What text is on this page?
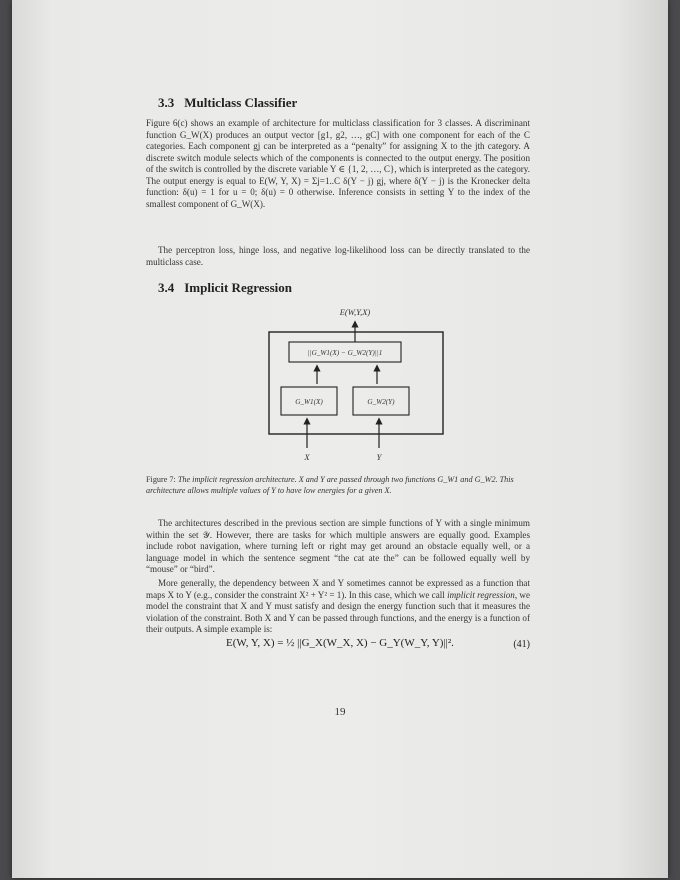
3.3 Multiclass Classifier

Figure 6(c) shows an example of architecture for multiclass classification for 3 classes. A discriminant function G_W(X) produces an output vector [g1, g2, …, gC] with one component for each of the C categories. Each component gj can be interpreted as a “penalty” for assigning X to the jth category. A discrete switch module selects which of the components is connected to the output energy. The position of the switch is controlled by the discrete variable Y ∈ {1, 2, …, C}, which is interpreted as the category. The output energy is equal to E(W, Y, X) = Σj=1..C δ(Y − j) gj, where δ(Y − j) is the Kronecker delta function: δ(u) = 1 for u = 0; δ(u) = 0 otherwise. Inference consists in setting Y to the index of the smallest component of G_W(X).

The perceptron loss, hinge loss, and negative log-likelihood loss can be directly translated to the multiclass case.

3.4 Implicit Regression
E(W,Y,X)
||G_W1(X) − G_W2(Y)||1
G_W1(X)	G_W2(Y)
X	Y

Figure 7: The implicit regression architecture. X and Y are passed through two functions G_W1 and G_W2. This architecture allows multiple values of Y to have low energies for a given X.

The architectures described in the previous section are simple functions of Y with a single minimum within the set 𝒴. However, there are tasks for which multiple answers are equally good. Examples include robot navigation, where turning left or right may get around an obstacle equally well, or a language model in which the sentence segment “the cat ate the” can be followed equally well by “mouse” or “bird”.

More generally, the dependency between X and Y sometimes cannot be expressed as a function that maps X to Y (e.g., consider the constraint X² + Y² = 1). In this case, which we call implicit regression, we model the constraint that X and Y must satisfy and design the energy function such that it measures the violation of the constraint. Both X and Y can be passed through functions, and the energy is a function of their outputs. A simple example is:

E(W, Y, X) = ½ ||G_X(W_X, X) − G_Y(W_Y, Y)||².	(41)
19
